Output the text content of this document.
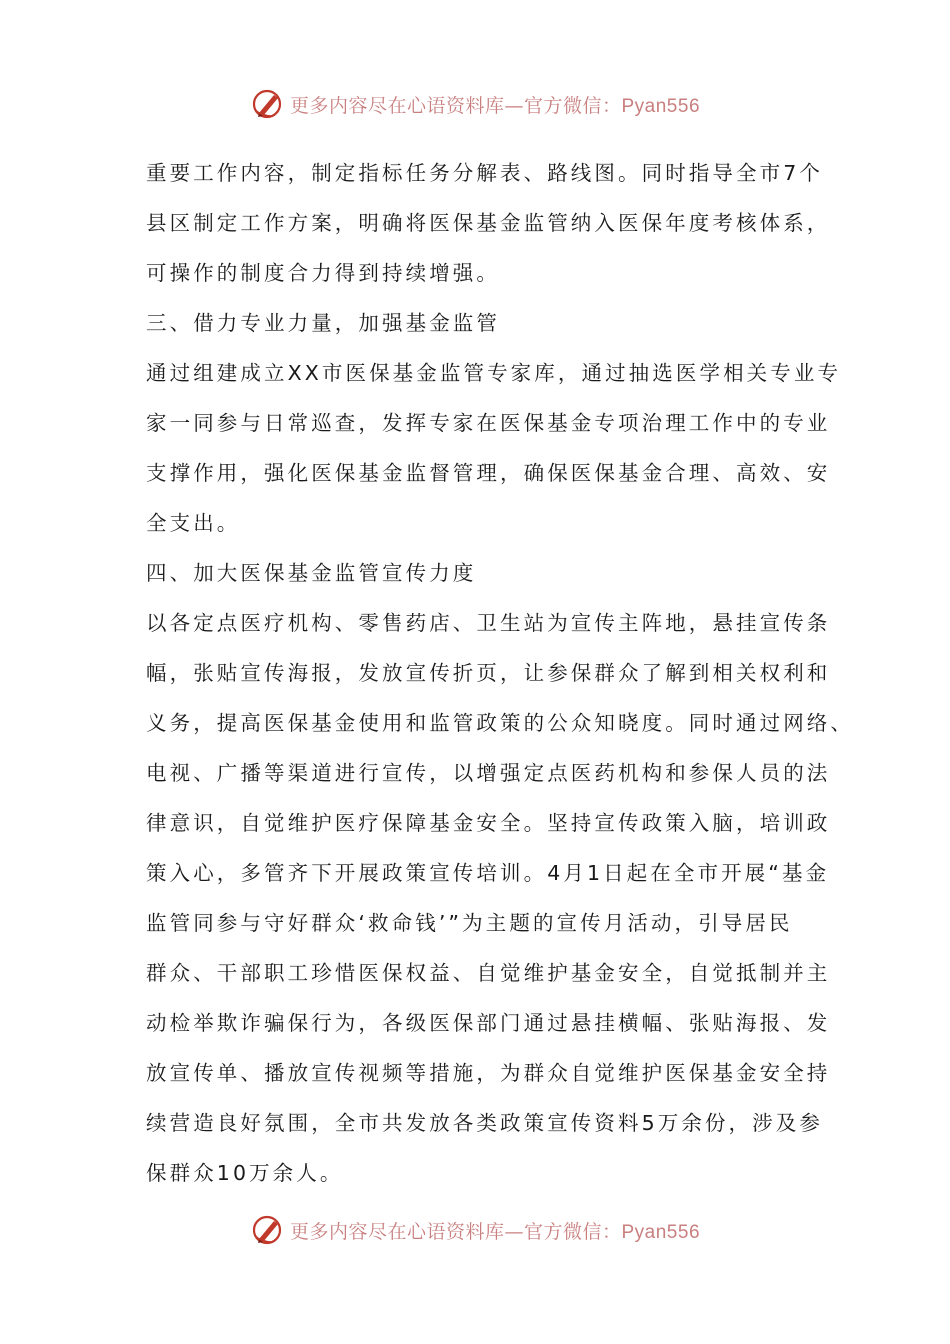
更多内容尽在心语资料库—官方微信：Pyan556
重要工作内容，制定指标任务分解表、路线图。同时指导全市7个
县区制定工作方案，明确将医保基金监管纳入医保年度考核体系，
可操作的制度合力得到持续增强。
三、借力专业力量，加强基金监管
通过组建成立XX市医保基金监管专家库，通过抽选医学相关专业专
家一同参与日常巡查，发挥专家在医保基金专项治理工作中的专业
支撑作用，强化医保基金监督管理，确保医保基金合理、高效、安
全支出。
四、加大医保基金监管宣传力度
以各定点医疗机构、零售药店、卫生站为宣传主阵地，悬挂宣传条
幅，张贴宣传海报，发放宣传折页，让参保群众了解到相关权利和
义务，提高医保基金使用和监管政策的公众知晓度。同时通过网络、
电视、广播等渠道进行宣传，以增强定点医药机构和参保人员的法
律意识，自觉维护医疗保障基金安全。坚持宣传政策入脑，培训政
策入心，多管齐下开展政策宣传培训。4月1日起在全市开展“基金
监管同参与守好群众‘救命钱’”为主题的宣传月活动，引导居民
群众、干部职工珍惜医保权益、自觉维护基金安全，自觉抵制并主
动检举欺诈骗保行为，各级医保部门通过悬挂横幅、张贴海报、发
放宣传单、播放宣传视频等措施，为群众自觉维护医保基金安全持
续营造良好氛围，全市共发放各类政策宣传资料5万余份，涉及参
保群众10万余人。
更多内容尽在心语资料库—官方微信：Pyan556
